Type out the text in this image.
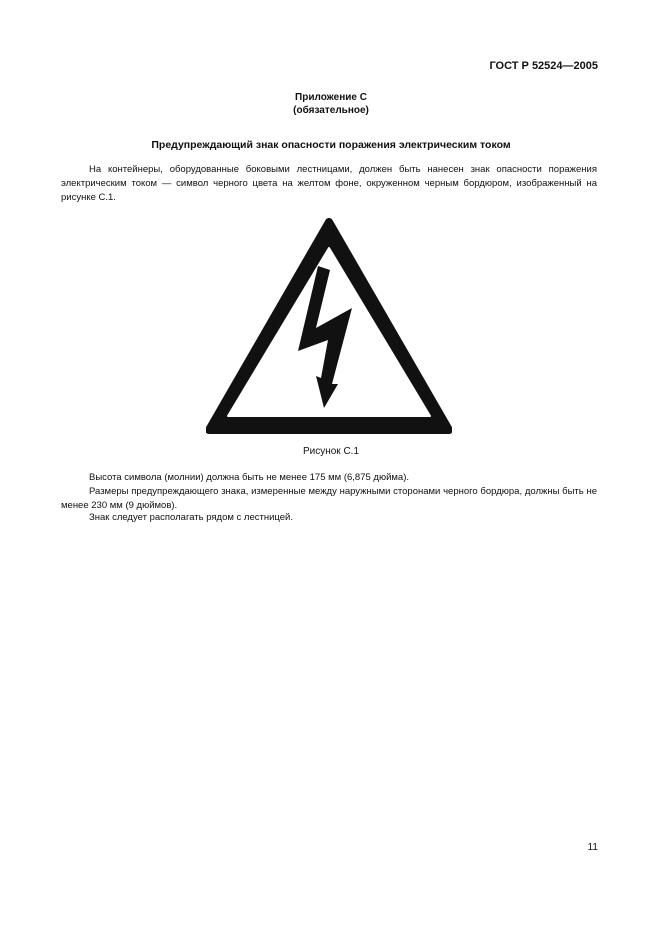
ГОСТ Р 52524—2005
Приложение С
(обязательное)
Предупреждающий знак опасности поражения электрическим током

На контейнеры, оборудованные боковыми лестницами, должен быть нанесен знак опасности поражения электрическим током — символ черного цвета на желтом фоне, окруженном черным бордюром, изображенный на рисунке С.1.

Рисунок С.1

Высота символа (молнии) должна быть не менее 175 мм (6,875 дюйма).

Размеры предупреждающего знака, измеренные между наружными сторонами черного бордюра, должны быть не менее 230 мм (9 дюймов).

Знак следует располагать рядом с лестницей.

11
